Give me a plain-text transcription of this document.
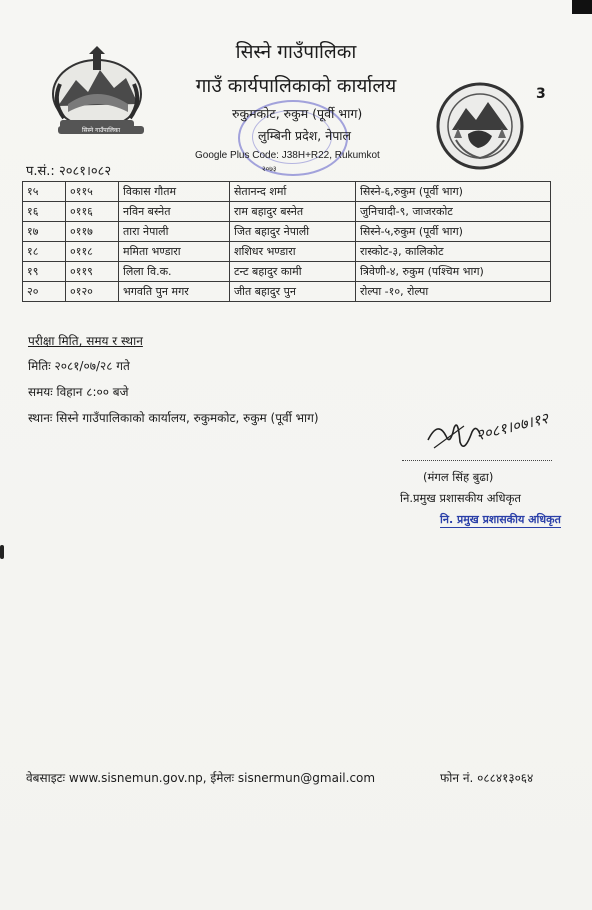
सिस्ने गाउँपालिका
3
सिस्ने गाउँपालिका
गाउँ कार्यपालिकाको कार्यालय
रुकुमकोट, रुकुम (पूर्वी भाग)
लुम्बिनी प्रदेश, नेपाल
Google Plus Code: J38H+R22, Rukumkot
२०७३
प.सं.: २०८१।०८२
१५	०११५	विकास गौतम	सेतानन्द शर्मा	सिस्ने-६,रुकुम (पूर्वी भाग)
१६	०११६	नविन बस्नेत	राम बहादुर बस्नेत	जुनिचादी-९, जाजरकोट
१७	०११७	तारा नेपाली	जित बहादुर नेपाली	सिस्ने-५,रुकुम (पूर्वी भाग)
१८	०११८	ममिता भण्डारा	शशिधर भण्डारा	रास्कोट-३, कालिकोट
१९	०११९	लिला वि.क.	टन्ट बहादुर कामी	त्रिवेणी-४, रुकुम (पश्चिम भाग)
२०	०१२०	भगवति पुन मगर	जीत बहादुर पुन	रोल्पा -१०, रोल्पा
परीक्षा मिति, समय र स्थान
मितिः २०८१/०७/२८ गते
समयः विहान ८:०० बजे
स्थानः सिस्ने गाउँपालिकाको कार्यालय, रुकुमकोट, रुकुम (पूर्वी भाग)	२०८१।०७।१२
(मंगल सिंह बुढा)
नि.प्रमुख प्रशासकीय अधिकृत
नि. प्रमुख प्रशासकीय अधिकृत
वेबसाइटः www.sisnemun.gov.np, ईमेलः sisnermun@gmail.com	फोन नं. ०८८४१३०६४
